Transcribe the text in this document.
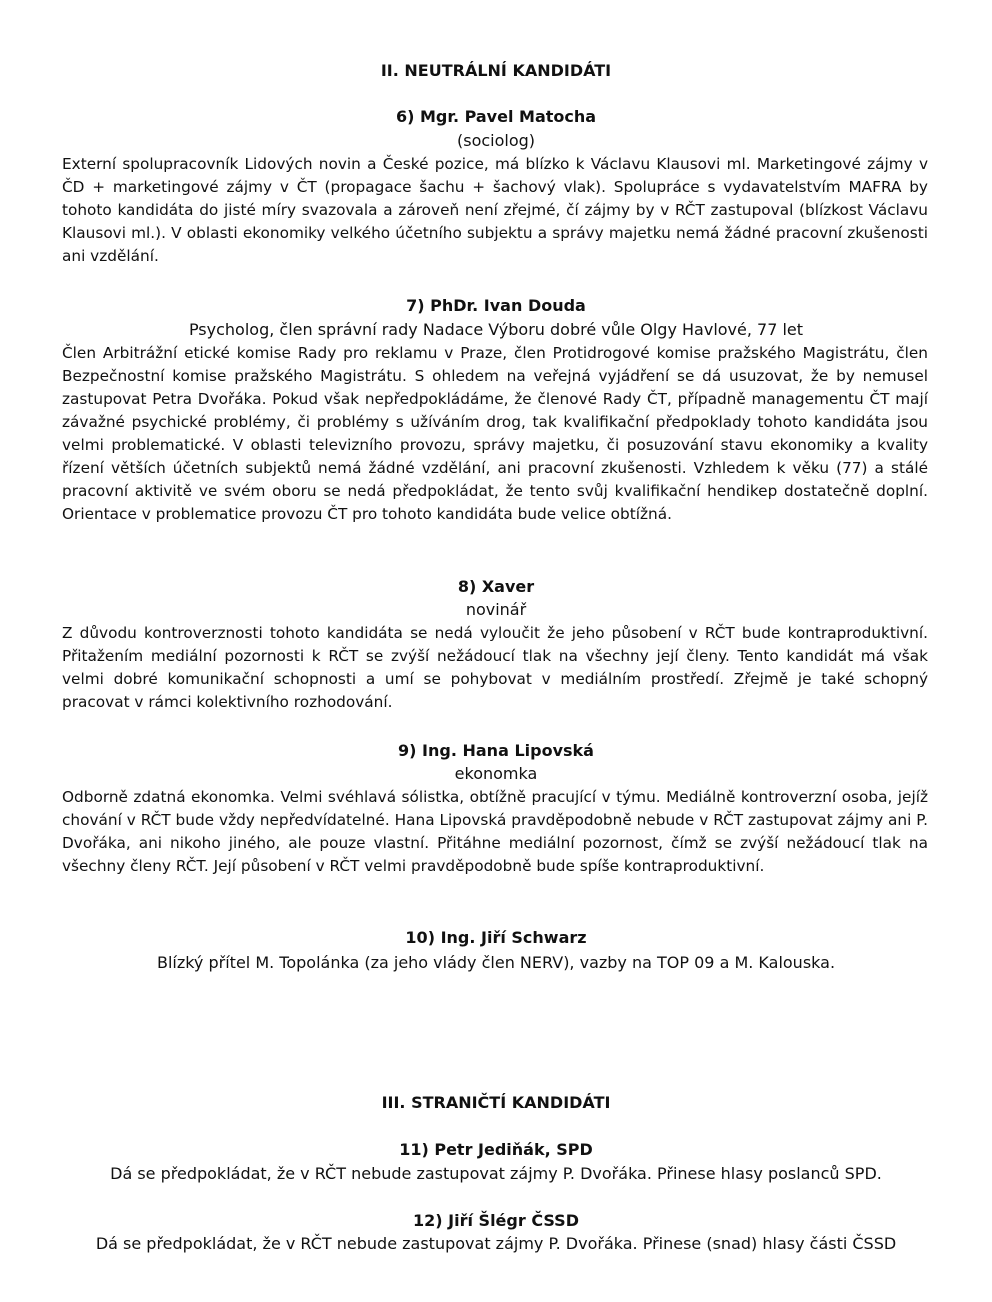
II. NEUTRÁLNÍ KANDIDÁTI
6) Mgr. Pavel Matocha

(sociolog)

Externí spolupracovník Lidových novin a České pozice, má blízko k Václavu Klausovi ml. Marketingové zájmy v ČD + marketingové zájmy v ČT (propagace šachu + šachový vlak). Spolupráce s vydavatelstvím MAFRA by tohoto kandidáta do jisté míry svazovala a zároveň není zřejmé, čí zájmy by v RČT zastupoval (blízkost Václavu Klausovi ml.). V oblasti ekonomiky velkého účetního subjektu a správy majetku nemá žádné pracovní zkušenosti ani vzdělání.

7) PhDr. Ivan Douda

Psycholog, člen správní rady Nadace Výboru dobré vůle Olgy Havlové, 77 let

Člen Arbitrážní etické komise Rady pro reklamu v Praze, člen Protidrogové komise pražského Magistrátu, člen Bezpečnostní komise pražského Magistrátu. S ohledem na veřejná vyjádření se dá usuzovat, že by nemusel zastupovat Petra Dvořáka. Pokud však nepředpokládáme, že členové Rady ČT, případně managementu ČT mají závažné psychické problémy, či problémy s užíváním drog, tak kvalifikační předpoklady tohoto kandidáta jsou velmi problematické. V oblasti televizního provozu, správy majetku, či posuzování stavu ekonomiky a kvality řízení větších účetních subjektů nemá žádné vzdělání, ani pracovní zkušenosti. Vzhledem k věku (77) a stálé pracovní aktivitě ve svém oboru se nedá předpokládat, že tento svůj kvalifikační hendikep dostatečně doplní. Orientace v problematice provozu ČT pro tohoto kandidáta bude velice obtížná.

8) Xaver

novinář

Z důvodu kontroverznosti tohoto kandidáta se nedá vyloučit že jeho působení v RČT bude kontraproduktivní. Přitažením mediální pozornosti k RČT se zvýší nežádoucí tlak na všechny její členy. Tento kandidát má však velmi dobré komunikační schopnosti a umí se pohybovat v mediálním prostředí. Zřejmě je také schopný pracovat v rámci kolektivního rozhodování.

9) Ing. Hana Lipovská

ekonomka

Odborně zdatná ekonomka. Velmi svéhlavá sólistka, obtížně pracující v týmu. Mediálně kontroverzní osoba, jejíž chování v RČT bude vždy nepředvídatelné. Hana Lipovská pravděpodobně nebude v RČT zastupovat zájmy ani P. Dvořáka, ani nikoho jiného, ale pouze vlastní. Přitáhne mediální pozornost, čímž se zvýší nežádoucí tlak na všechny členy RČT. Její působení v RČT velmi pravděpodobně bude spíše kontraproduktivní.

10) Ing. Jiří Schwarz

Blízký přítel M. Topolánka (za jeho vlády člen NERV), vazby na TOP 09 a M. Kalouska.

III. STRANIČTÍ KANDIDÁTI
11) Petr Jediňák, SPD

Dá se předpokládat, že v RČT nebude zastupovat zájmy P. Dvořáka. Přinese hlasy poslanců SPD.

12) Jiří Šlégr ČSSD

Dá se předpokládat, že v RČT nebude zastupovat zájmy P. Dvořáka. Přinese (snad) hlasy části ČSSD
